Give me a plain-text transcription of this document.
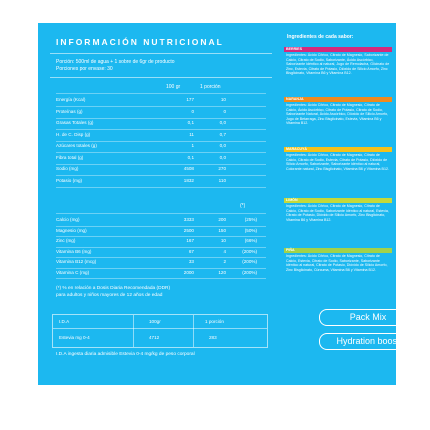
INFORMACIÓN NUTRICIONAL
Porción: 500ml de agua + 1 sobre de 6gr de producto
Porciones por envase: 30
100 gr	1 porción
Energía (Kcal)	177	10
Proteínas (g)	0	0
Grasas Totales (g)	0,1	0,0
H. de C. Disp (g)	11	0,7
Azúcares totales (g)	1	0,0
Fibra total (g)	0,1	0,0
Sodio (mg)	4508	270
Potasio (mg)	1832	110
(*)
Calcio (mg)	3333	200	(25%)
Magnesio (mg)	2500	150	(50%)
Zinc (mg)	167	10	(66%)
Vitamina B6 (mg)	67	4	(200%)
Vitamina B12 (mcg)	33	2	(200%)
Vitamina C (mg)	2000	120	(200%)
(*) % en relación a Dosis Diaria Recomendada (DDR)
para adultos y niños mayores de 12 años de edad
I.D.A	100gr	1 porción
Estevia mg 0-4	4712	283
I.D.A ingesta diaria admisible Estevia 0-4 mg/kg de peso corporal
Ingredientes de cada sabor:
BERRIES
Ingredientes: Ácido Cítrico, Citrato de Magnesio, Saborizante de Calcio, Citrato de Sodio, Saborizante, Ácido Ascórbico, Saborizante idéntico al natural, Jugo de Remolacha, Glicinato de Zinc, Estevia, Citrato de Potasio, Dióxido de Silicio Amorfo, Zinc Bisglicinato, Vitamina B6 y Vitamina B12.
NARANJA
Ingredientes: Ácido Cítrico, Citrato de Magnesio, Citrato de Calcio, Ácido Ascórbico, Citrato de Potasio, Citrato de Sodio, Saborizante Natural, Ácido Ascórbico, Dióxido de Silicio Amorfo, Jugo de Betarraga, Zinc Bisglicinato, Estevia, Vitamina B6 y Vitamina B12.
MARACUYÁ
Ingredientes: Ácido Cítrico, Citrato de Magnesio, Citrato de Calcio, Citrato de Sodio, Estevia, Citrato de Potasio, Dióxido de Silicio Amorfo, Saborizante, Saborizante idéntico al natural, Colorante natural, Zinc Bisglicinato, Vitamina B6 y Vitamina B12.
LIMÓN
Ingredientes: Ácido Cítrico, Citrato de Magnesio, Citrato de Calcio, Citrato de Sodio, Saborizante idéntico al natural, Estevia, Citrato de Potasio, Dióxido de Silicio Amorfo, Zinc Bisglicinato, Vitamina B6 y Vitamina B12.
PIÑA
Ingredientes: Ácido Cítrico, Citrato de Magnesio, Citrato de Calcio, Estevia, Citrato de Sodio, Saborizante, Saborizante idéntico al natural, Citrato de Potasio, Dióxido de Silicio Amorfo, Zinc Bisglicinato, Cúrcuma, Vitamina B6 y Vitamina B12.
Pack Mix
Hydration boost
